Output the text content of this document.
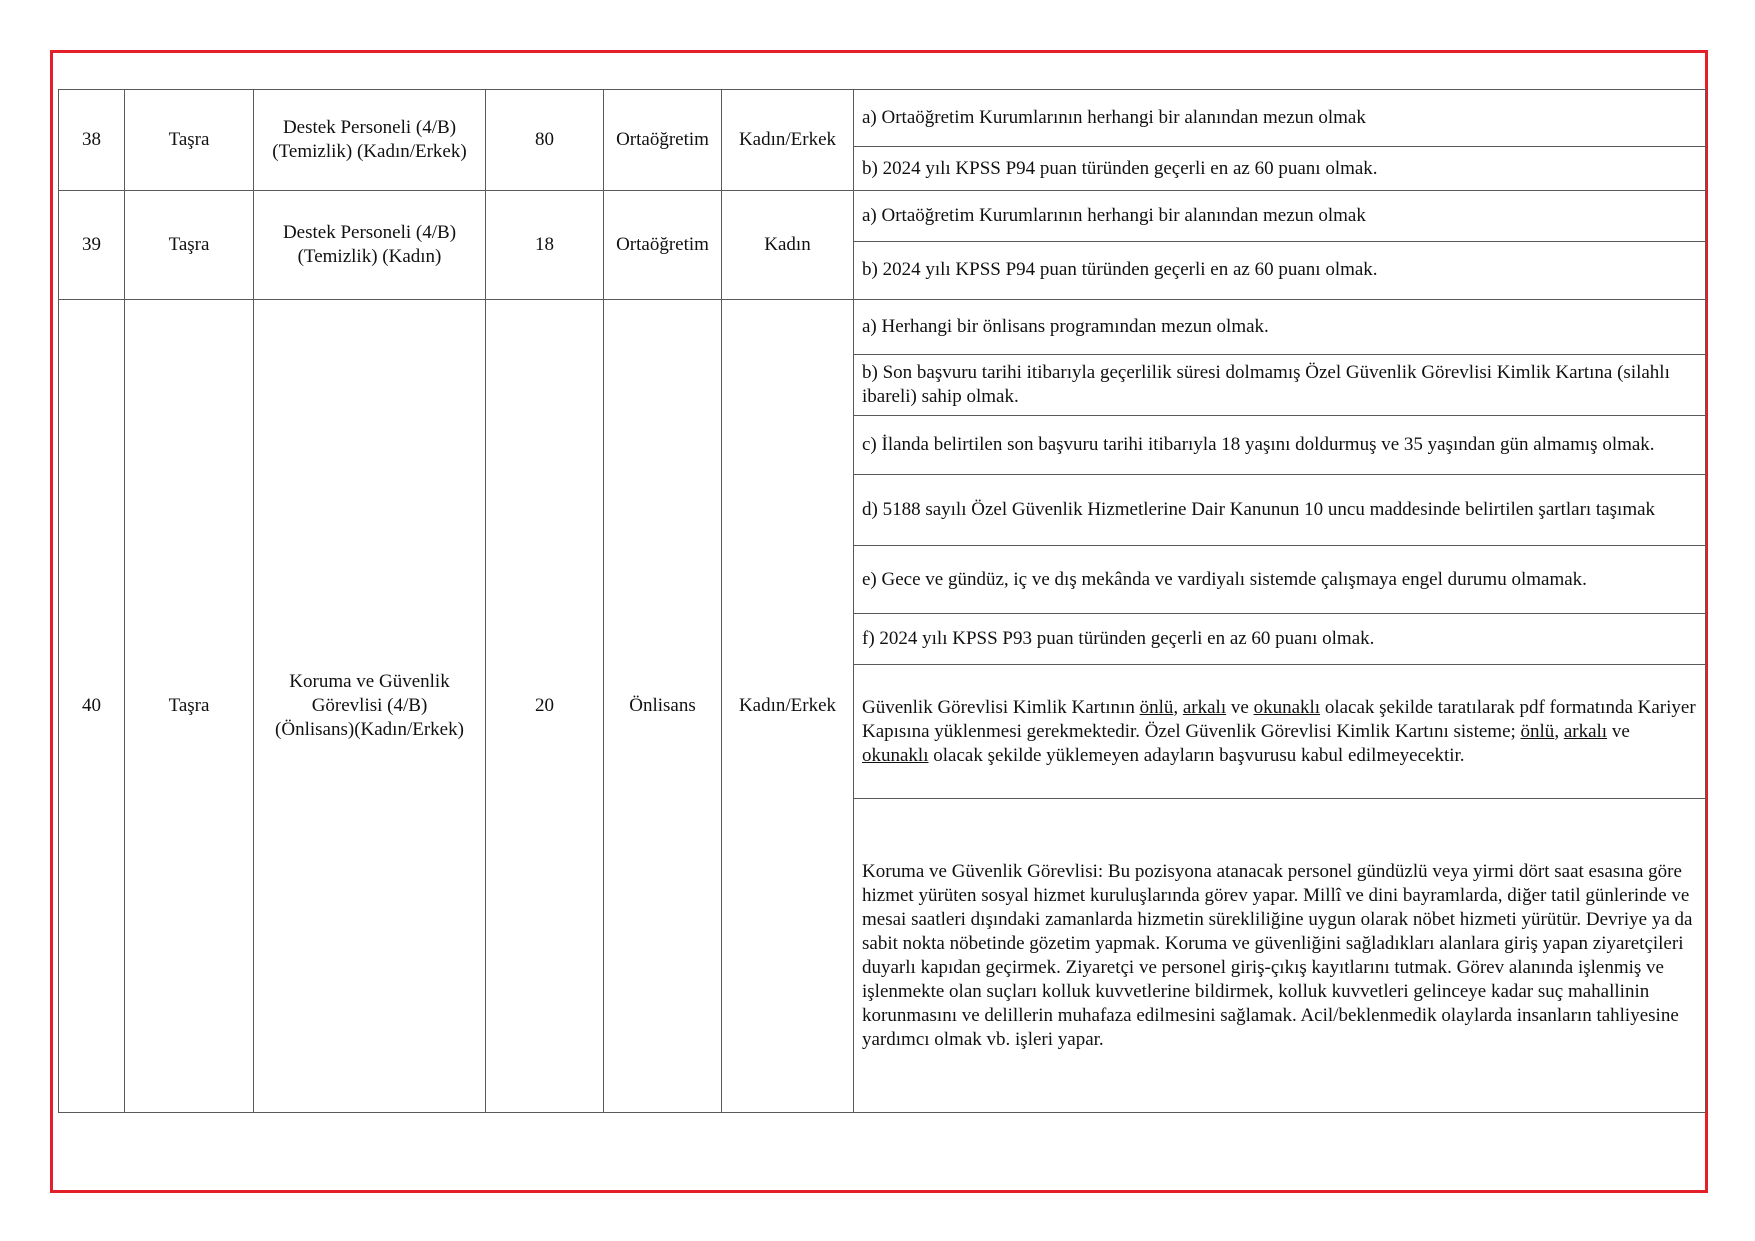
38	Taşra	Destek Personeli (4/B)
(Temizlik) (Kadın/Erkek)	80	Ortaöğretim	Kadın/Erkek	a) Ortaöğretim Kurumlarının herhangi bir alanından mezun olmak
						b) 2024 yılı KPSS P94 puan türünden geçerli en az 60 puanı olmak.
39	Taşra	Destek Personeli (4/B)
(Temizlik) (Kadın)	18	Ortaöğretim	Kadın	a) Ortaöğretim Kurumlarının herhangi bir alanından mezun olmak
						b) 2024 yılı KPSS P94 puan türünden geçerli en az 60 puanı olmak.
40	Taşra	Koruma ve Güvenlik
Görevlisi (4/B)
(Önlisans)(Kadın/Erkek)	20	Önlisans	Kadın/Erkek	a) Herhangi bir önlisans programından mezun olmak.
						b) Son başvuru tarihi itibarıyla geçerlilik süresi dolmamış Özel Güvenlik Görevlisi Kimlik Kartına (silahlı ibareli) sahip olmak.
						c) İlanda belirtilen son başvuru tarihi itibarıyla 18 yaşını doldurmuş ve 35 yaşından gün almamış olmak.
						d) 5188 sayılı Özel Güvenlik Hizmetlerine Dair Kanunun 10 uncu maddesinde belirtilen şartları taşımak
						e) Gece ve gündüz, iç ve dış mekânda ve vardiyalı sistemde çalışmaya engel durumu olmamak.
						f) 2024 yılı KPSS P93 puan türünden geçerli en az 60 puanı olmak.
						Güvenlik Görevlisi Kimlik Kartının önlü, arkalı ve okunaklı olacak şekilde taratılarak pdf formatında Kariyer Kapısına yüklenmesi gerekmektedir. Özel Güvenlik Görevlisi Kimlik Kartını sisteme; önlü, arkalı ve okunaklı olacak şekilde yüklemeyen adayların başvurusu kabul edilmeyecektir.
						Koruma ve Güvenlik Görevlisi: Bu pozisyona atanacak personel gündüzlü veya yirmi dört saat esasına göre hizmet yürüten sosyal hizmet kuruluşlarında görev yapar. Millî ve dini bayramlarda, diğer tatil günlerinde ve mesai saatleri dışındaki zamanlarda hizmetin sürekliliğine uygun olarak nöbet hizmeti yürütür. Devriye ya da sabit nokta nöbetinde gözetim yapmak. Koruma ve güvenliğini sağladıkları alanlara giriş yapan ziyaretçileri duyarlı kapıdan geçirmek. Ziyaretçi ve personel giriş-çıkış kayıtlarını tutmak. Görev alanında işlenmiş ve işlenmekte olan suçları kolluk kuvvetlerine bildirmek, kolluk kuvvetleri gelinceye kadar suç mahallinin korunmasını ve delillerin muhafaza edilmesini sağlamak. Acil/beklenmedik olaylarda insanların tahliyesine yardımcı olmak vb. işleri yapar.
